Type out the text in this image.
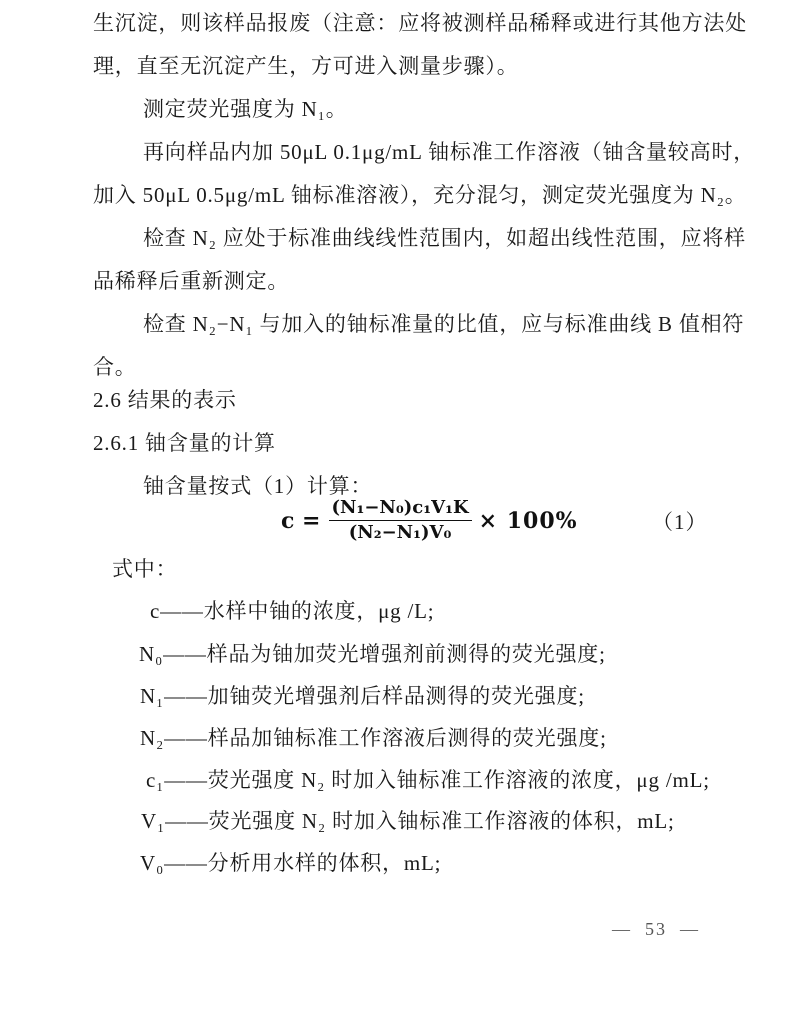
生沉淀，则该样品报废（注意：应将被测样品稀释或进行其他方法处
理，直至无沉淀产生，方可进入测量步骤）。
测定荧光强度为 N₁。
再向样品内加 50μL 0.1μg/mL 铀标准工作溶液（铀含量较高时，
加入 50μL 0.5μg/mL 铀标准溶液），充分混匀，测定荧光强度为 N₂。
检查 N₂ 应处于标准曲线线性范围内，如超出线性范围，应将样
品稀释后重新测定。
检查 N₂−N₁ 与加入的铀标准量的比值，应与标准曲线 B 值相符
合。
2.6 结果的表示
2.6.1 铀含量的计算
铀含量按式（1）计算：
$c = \frac{\text{(N₁−N₀)c₁V₁K}}{\text{(N₂−N₁)V₀}} \times 100\%$	（1）
式中：
c——水样中铀的浓度，μg /L;
N₀——样品为铀加荧光增强剂前测得的荧光强度;
N₁——加铀荧光增强剂后样品测得的荧光强度;
N₂——样品加铀标准工作溶液后测得的荧光强度;
c₁——荧光强度 N₂ 时加入铀标准工作溶液的浓度，μg /mL;
V₁——荧光强度 N₂ 时加入铀标准工作溶液的体积，mL;
V₀——分析用水样的体积，mL;
—  53  —
